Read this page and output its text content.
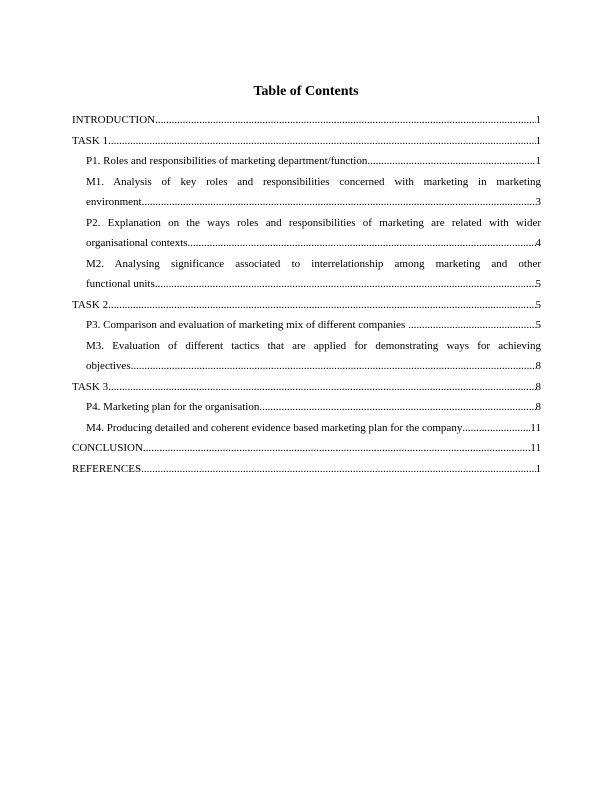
Table of Contents
INTRODUCTION .....	1
TASK 1 .....	1
P1. Roles and responsibilities of marketing department/function .....	1
M1. Analysis of key roles and responsibilities concerned with marketing in marketing
environment .....	3
P2. Explanation on the ways roles and responsibilities of marketing are related with wider
organisational contexts .....	4
M2. Analysing significance associated to interrelationship among marketing and other
functional units .....	5
TASK 2 .....	5
P3. Comparison and evaluation of marketing mix of different companies .....	5
M3. Evaluation of different tactics that are applied for demonstrating ways for achieving
objectives .....	8
TASK 3 .....	8
P4. Marketing plan for the organisation .....	8
M4. Producing detailed and coherent evidence based marketing plan for the company .....	11
CONCLUSION .....	11
REFERENCES .....	1
